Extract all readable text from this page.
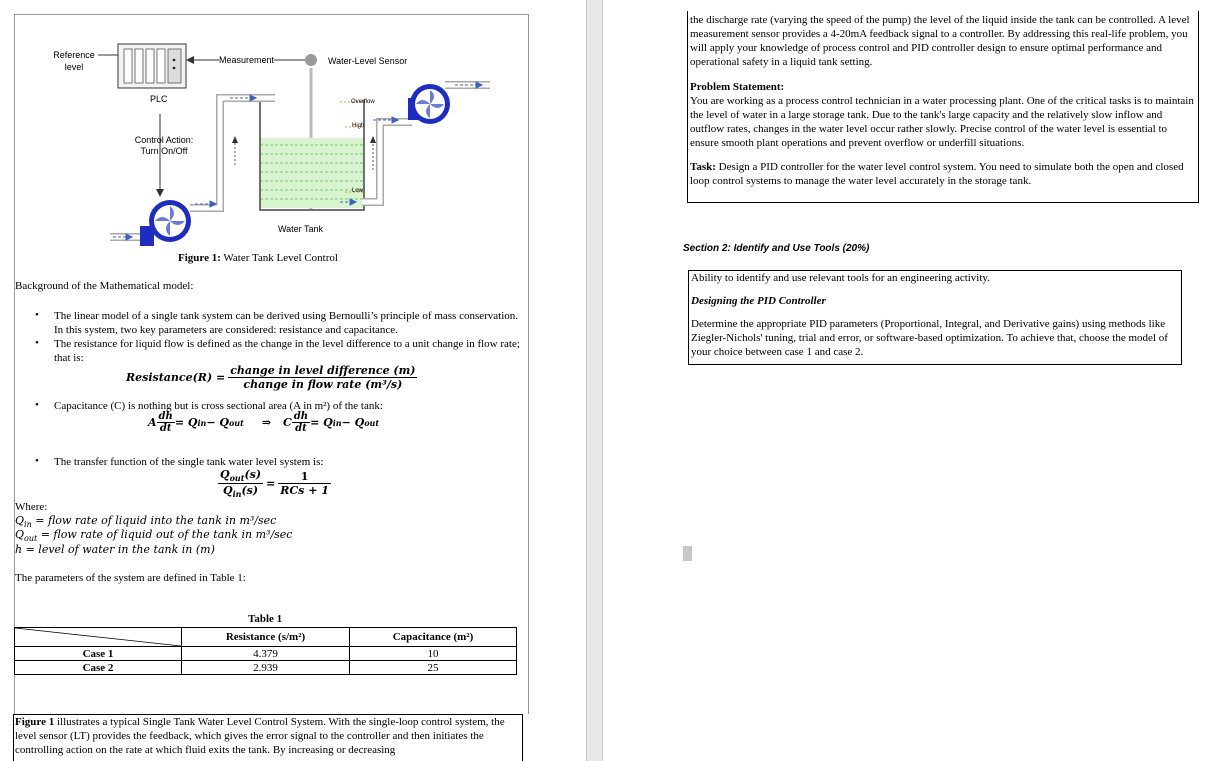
Reference level
Measurement	Water-Level Sensor
PLC	Overflow
High
Low
Control Action:
Turn On/Off
Water Tank
Figure 1: Water Tank Level Control
Background of the Mathematical model:
• The linear model of a single tank system can be derived using Bernoulli’s principle of mass conservation. In this system, two key parameters are considered: resistance and capacitance.
• The resistance for liquid flow is defined as the change in the level difference to a unit change in flow rate; that is:
Resistance(R) = $\frac{\text{change in level difference (m)}}{\text{change in flow rate (m³/s)}}$
• Capacitance (C) is nothing but is cross sectional area (A in m²) of the tank:
A $\frac{dh}{dt} = Q$ in − Q out ⇒ C $\frac{dh}{dt} = Q$ in − Q out
• The transfer function of the single tank water level system is:
$\frac{Q_{out}(s)}{Q_{in}(s)} = \frac{1}{\text{RCs + 1}}$
Where:
$Q_{in}$ = flow rate of liquid into the tank in m³/sec
$Q_{out}$ = flow rate of liquid out of the tank in m³/sec
h = level of water in the tank in (m)
The parameters of the system are defined in Table 1:
Table 1
	Resistance (s/m²)	Capacitance (m²)
Case 1	4.379	10
Case 2	2.939	25
Figure 1 illustrates a typical Single Tank Water Level Control System. With the single-loop control system, the level sensor (LT) provides the feedback, which gives the error signal to the controller and then initiates the controlling action on the rate at which fluid exits the tank. By increasing or decreasing
the discharge rate (varying the speed of the pump) the level of the liquid inside the tank can be controlled. A level measurement sensor provides a 4-20mA feedback signal to a controller. By addressing this real-life problem, you will apply your knowledge of process control and PID controller design to ensure optimal performance and operational safety in a liquid tank setting.
Problem Statement:
You are working as a process control technician in a water processing plant. One of the critical tasks is to maintain the level of water in a large storage tank. Due to the tank's large capacity and the relatively slow inflow and outflow rates, changes in the water level occur rather slowly. Precise control of the water level is essential to ensure smooth plant operations and prevent overflow or underfill situations.
Task: Design a PID controller for the water level control system. You need to simulate both the open and closed loop control systems to manage the water level accurately in the storage tank.
Section 2: Identify and Use Tools (20%)
Ability to identify and use relevant tools for an engineering activity.
Designing the PID Controller
Determine the appropriate PID parameters (Proportional, Integral, and Derivative gains) using methods like Ziegler-Nichols' tuning, trial and error, or software-based optimization. To achieve that, choose the model of your choice between case 1 and case 2.
